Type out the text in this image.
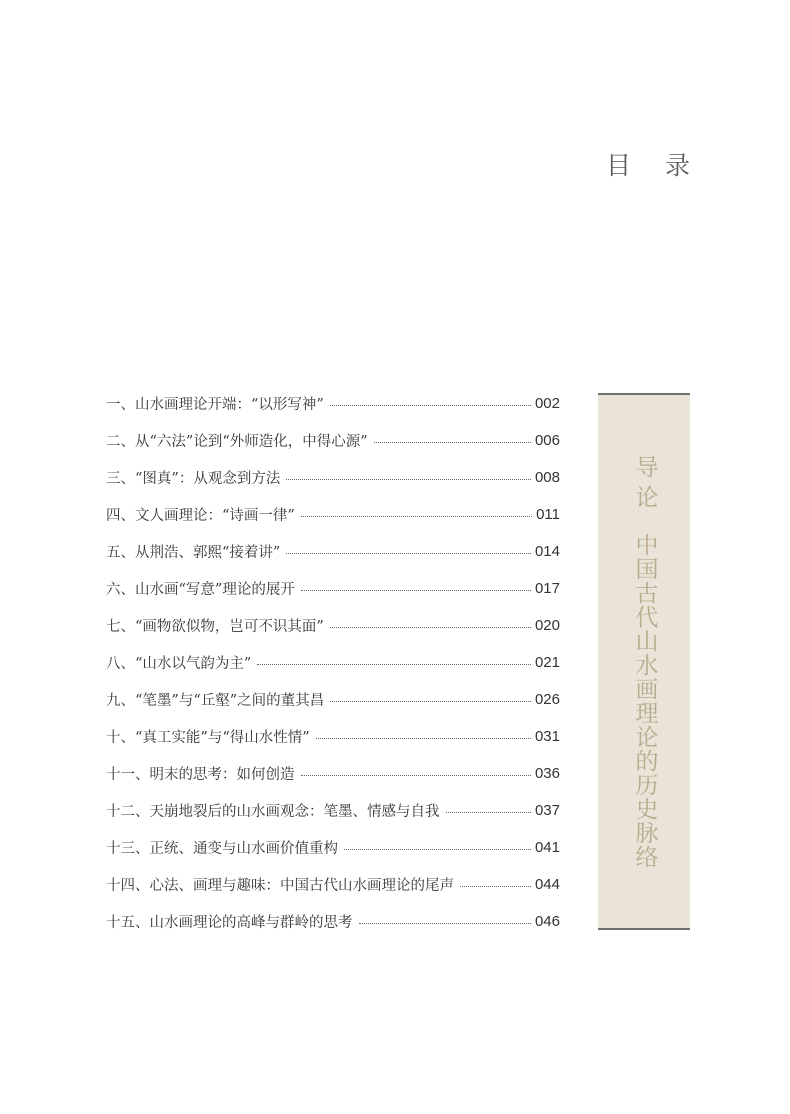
目录
一、山水画理论开端：“以形写神”	002
二、从“六法”论到“外师造化，中得心源”	006
三、“图真”：从观念到方法	008
四、文人画理论：“诗画一律”	011
五、从荆浩、郭熙“接着讲”	014
六、山水画“写意”理论的展开	017
七、“画物欲似物，岂可不识其面”	020
八、“山水以气韵为主”	021
九、“笔墨”与“丘壑”之间的董其昌	026
十、“真工实能”与“得山水性情”	031
十一、明末的思考：如何创造	036
十二、天崩地裂后的山水画观念：笔墨、情感与自我	037
十三、正统、通变与山水画价值重构	041
十四、心法、画理与趣味：中国古代山水画理论的尾声	044
十五、山水画理论的高峰与群岭的思考	046
导论
中国古代山水画理论的历史脉络
